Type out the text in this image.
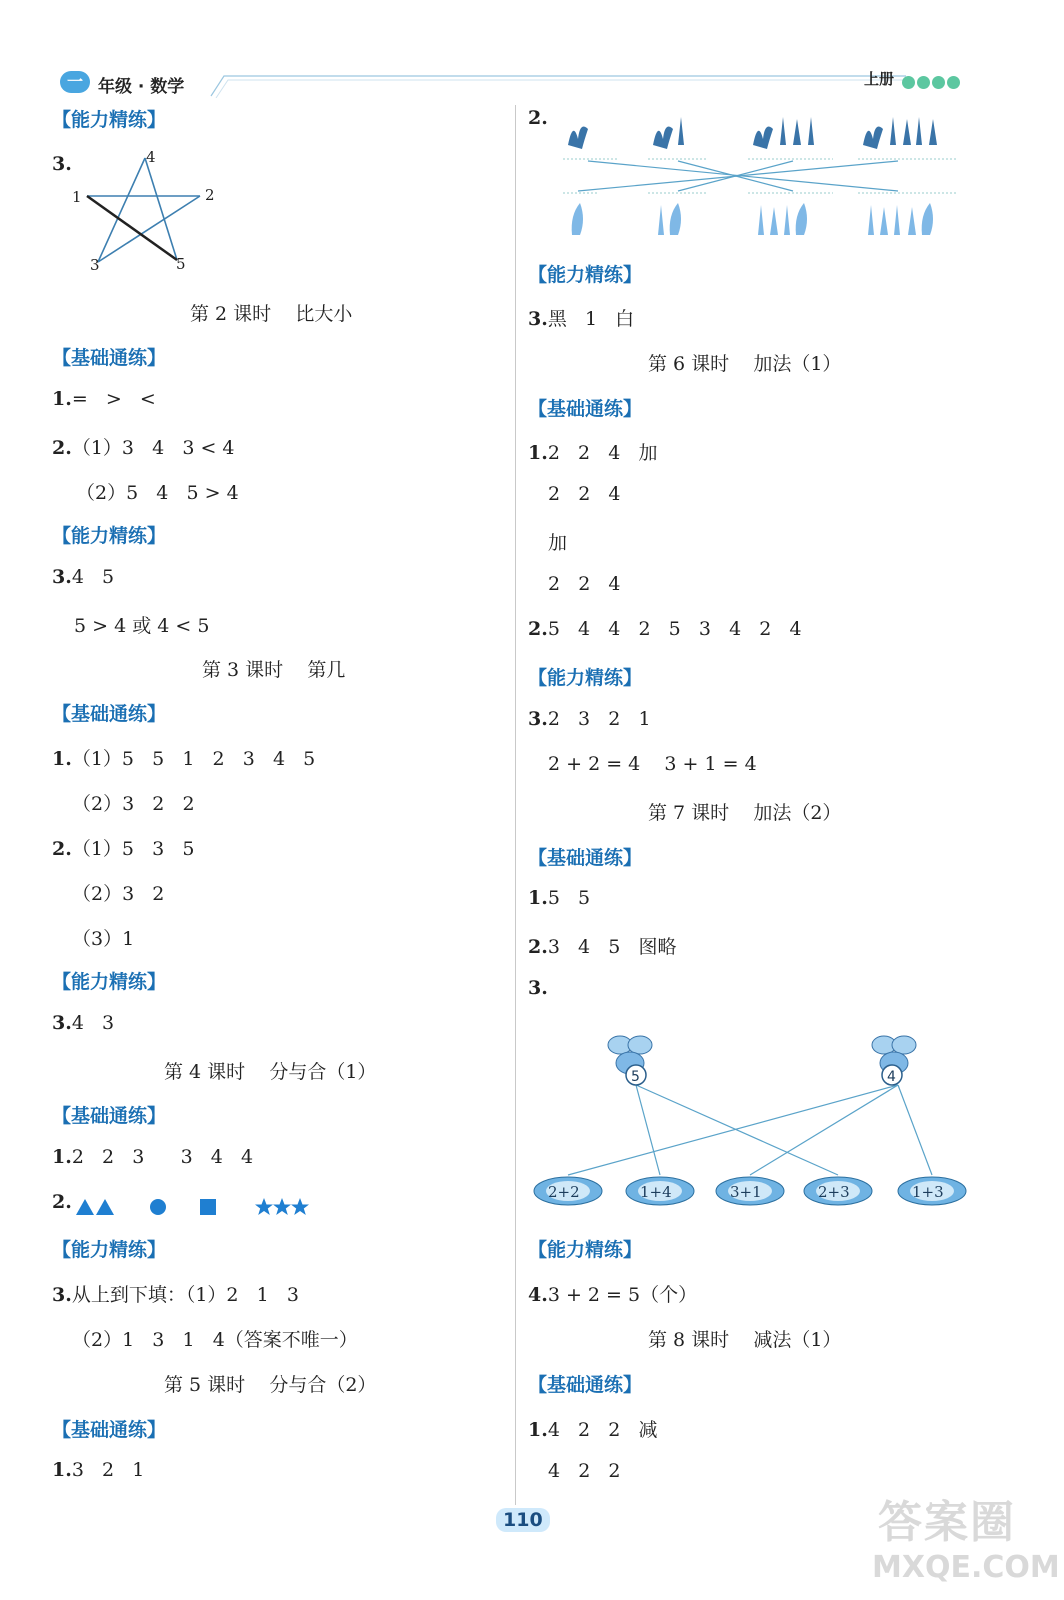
一 年级 · 数学	上册
【能力精练】
3.	4
1	2
3	5
第 2 课时    比大小
【基础通练】
1.=   >   <
2.（1）3   4   3 < 4
（2）5   4   5 > 4
【能力精练】
3.4   5
5 > 4 或 4 < 5
第 3 课时    第几
【基础通练】
1.（1）5   5   1   2   3   4   5
（2）3   2   2
2.（1）5   3   5
（2）3   2
（3）1
【能力精练】
3.4   3
第 4 课时    分与合（1）
【基础通练】
1.2   2   3      3   4   4
2.
【能力精练】
3.从上到下填：（1）2   1   3
（2）1   3   1   4（答案不唯一）
第 5 课时    分与合（2）
【基础通练】
1.3   2   1
2.
【能力精练】
3.黑   1   白
第 6 课时    加法（1）
【基础通练】
1.2   2   4   加
2   2   4
加
2   2   4
2.5   4   4   2   5   3   4   2   4
【能力精练】
3.2   3   2   1
2 + 2 = 4    3 + 1 = 4
第 7 课时    加法（2）
【基础通练】
1.5   5
2.3   4   5   图略
3.
5	4
2+2	1+4	3+1	2+3	1+3
【能力精练】
4.3 + 2 = 5（个）
第 8 课时    减法（1）
【基础通练】
1.4   2   2   减
4   2   2
110	答案圈
MXQE.COM
